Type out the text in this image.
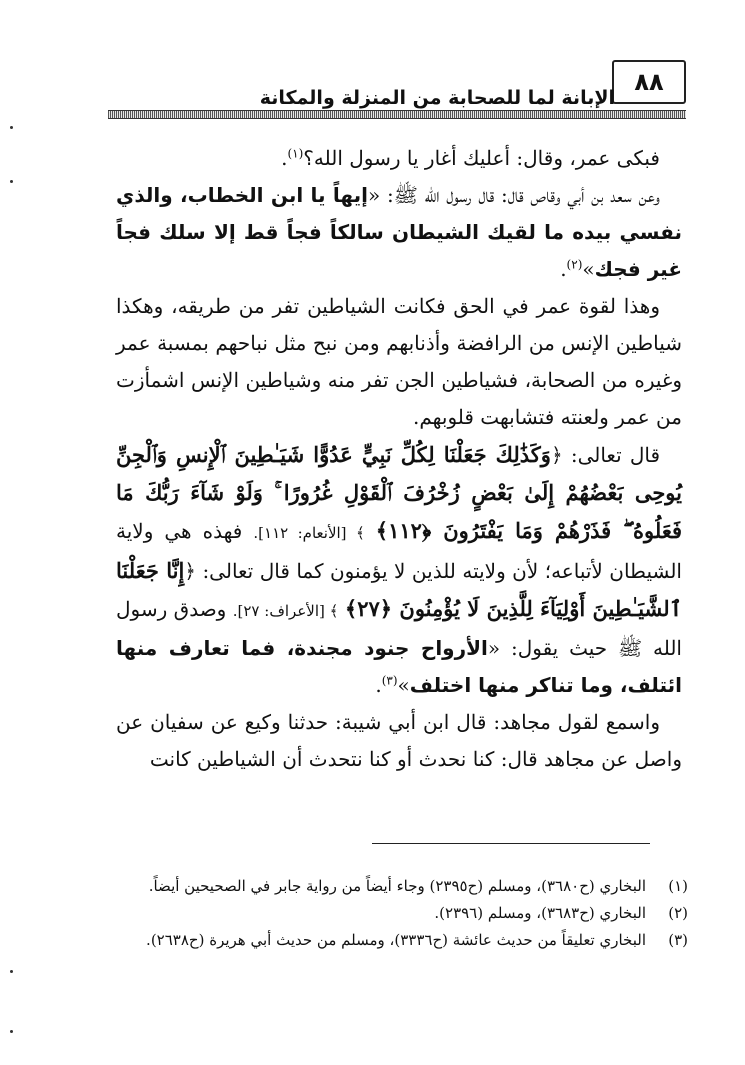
٨٨
الإبانة لما للصحابة من المنزلة والمكانة

فبكى عمر، وقال: أعليك أغار يا رسول الله؟$^{(١)}$.

وعن سعد بن أبي وقاص قال: قال رسول الله ﷺ: «إيهاً يا ابن الخطاب، والذي نفسي بيده ما لقيك الشيطان سالكاً فجاً قط إلا سلك فجاً غير فجك»$^{(٢)}$.

وهذا لقوة عمر في الحق فكانت الشياطين تفر من طريقه، وهكذا شياطين الإنس من الرافضة وأذنابهم ومن نبح مثل نباحهم بمسبة عمر وغيره من الصحابة، فشياطين الجن تفر منه وشياطين الإنس اشمأزت من عمر ولعنته فتشابهت قلوبهم.

قال تعالى: ﴿وَكَذَٰلِكَ جَعَلْنَا لِكُلِّ نَبِيٍّ عَدُوًّا شَيَـٰطِينَ ٱلْإِنسِ وَٱلْجِنِّ يُوحِى بَعْضُهُمْ إِلَىٰ بَعْضٍ زُخْرُفَ ٱلْقَوْلِ غُرُورًا ۚ وَلَوْ شَآءَ رَبُّكَ مَا فَعَلُوهُ ۖ فَذَرْهُمْ وَمَا يَفْتَرُونَ ﴿١١٢﴾ ﴾ [الأنعام: ١١٢]. فهذه هي ولاية الشيطان لأتباعه؛ لأن ولايته للذين لا يؤمنون كما قال تعالى: ﴿إِنَّا جَعَلْنَا ٱلشَّيَـٰطِينَ أَوْلِيَآءَ لِلَّذِينَ لَا يُؤْمِنُونَ ﴿٢٧﴾ ﴾ [الأعراف: ٢٧]. وصدق رسول الله ﷺ حيث يقول: «الأرواح جنود مجندة، فما تعارف منها ائتلف، وما تناكر منها اختلف»$^{(٣)}$.

واسمع لقول مجاهد: قال ابن أبي شيبة: حدثنا وكيع عن سفيان عن واصل عن مجاهد قال: كنا نحدث أو كنا نتحدث أن الشياطين كانت

(١)
البخاري (ح٣٦٨٠)، ومسلم (ح٢٣٩٥) وجاء أيضاً من رواية جابر في الصحيحين أيضاً.
(٢)
البخاري (ح٣٦٨٣)، ومسلم (٢٣٩٦).
(٣)
البخاري تعليقاً من حديث عائشة (ح٣٣٣٦)، ومسلم من حديث أبي هريرة (ح٢٦٣٨).
